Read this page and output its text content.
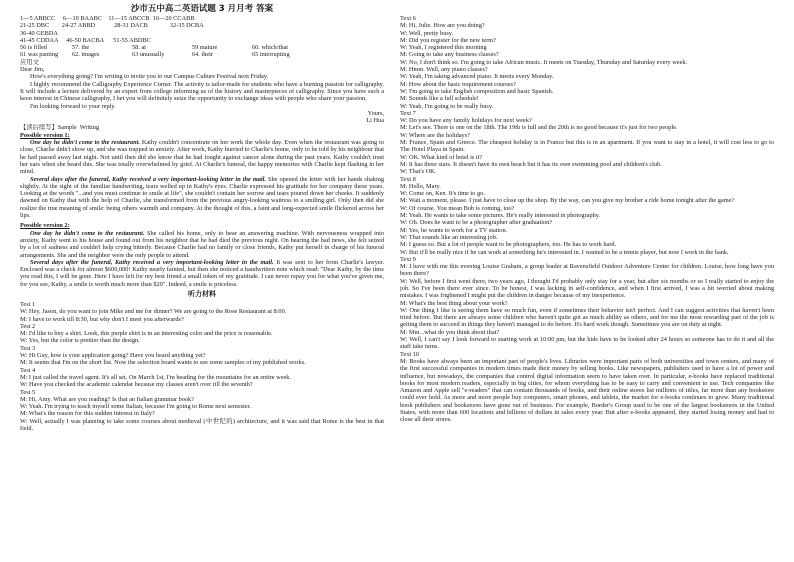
沙市五中高二英语试题 3 月月考 答案
1—5 ABBCC     6—10 BAABC    11—15 ABCCB  16—20 CCABB
21-25 DBC        24-27 ABBD            28-31 DACB              32-35 DCBA
36-40 GEBDA
41-45 CDDAA     46-50 BACBA      51-55 ABDBC
56 is filled	57. the	58. at	59 mature	60. which/that
61 was panting	62. images	63 unusually	64. their	65 interrupting
应用文
Dear Jim,
How's everything going? I'm writing to invite you to our Campus Culture Festival next Friday.
I highly recommend the Calligraphy Experience Corner. The activity is tailor-made for students who have a burning passion for calligraphy. It will include a lecture delivered by an expert from college informing us of the history and masterpieces of calligraphy. Since you have such a keen interest in Chinese calligraphy, I bet you will definitely seize the opportunity to exchange ideas with people who share your passion.
I'm looking forward to your reply.
Yours,
Li Hua
【读后续写】Sample  Writing
Possible version 1:
One day he didn't come to the restaurant. Kathy couldn't concentrate on her work the whole day. Even when the restaurant was going to close, Charlie didn't show up, and she was trapped in anxiety. After work, Kathy hurried to Charlie's home, only to be told by his neighbour that he had passed away last night. Not until then did she know that he had fought against cancer alone during the past years. Kathy couldn't trust her ears when she heard this. She was totally overwhelmed by grief. At Charlie's funeral, the happy memories with Charlie kept flashing in her mind.
Several days after the funeral, Kathy received a very important-looking letter in the mail. She opened the letter with her hands shaking slightly. At the sight of the familiar handwriting, tears welled up in Kathy's eyes. Charlie expressed his gratitude for her company these years. Looking at the words "...and you must continue to smile at life", she couldn't contain her sorrow and tears poured down her cheeks. It suddenly dawned on Kathy that with the help of Charlie, she transformed from the previous angry-looking waitress to a smiling girl. Only then did she realize the true meaning of smile: being others warmth and company. At the thought of this, a faint and long-expected smile flickered across her lips.
Possible version 2:
One day he didn't come to the restaurant. She called his home, only to hear an answering machine. With nervousness wrapped into anxiety, Kathy went to his house and found out from his neighbor that he had died the previous night. On hearing the bad news, she felt seized by a lot of sadness and couldn't help crying bitterly. Because Charlie had no family or close friends, Kathy put herself in charge of his funeral arrangements. She and the neighbor were the only people to attend.
Several days after the funeral, Kathy received a very important-looking letter in the mail. It was sent to her from Charlie's lawyer. Enclosed was a check for almost $600,000! Kathy nearly fainted, but then she noticed a handwritten note which read: "Dear Kathy, by the time you read this, I will be gone. Here I have left for my best friend a small token of my gratitude. I can never repay you for what you've given me, for you see, Kathy, a smile is worth much more than $20". Indeed, a smile is priceless.
听力材料
Test 1
W: Hey, Jason, do you want to join Mike and me for dinner? We are going to the Rose Restaurant at 8:00.
M: I have to work till 8:30, but why don't I meet you afterwards?
Test 2
M: I'd like to buy a shirt. Look, this purple shirt is in an interesting color and the price is reasonable.
W: Yes, but the color is prettier than the design.
Test 3
W: Hi Guy, how is your application going? Have you heard anything yet?
M: It seems that I'm on the short list. Now the selection board wants to see some samples of my published works.
Test 4
M: I just called the travel agent. It's all set. On March 1st, I'm heading for the mountains for an entire week.
W: Have you checked the academic calendar because my classes aren't over till the seventh?
Test 5
M: Hi, Amy. What are you reading? Is that an Italian grammar book?
W: Yeah. I'm trying to teach myself some Italian, because I'm going to Rome next semester.
M: What's the reason for this sudden interest in Italy?
W: Well, actually I was planning to take some courses about medieval (中世纪的) architecture, and it was said that Rome is the best in that field.
Text 6
M: Hi, Julie. How are you doing?
W: Well, pretty busy.
M: Did you register for the new term?
W: Yeah, I registered this morning
M: Going to take any business classes?
W: No, I don't think so. I'm going to take African music. It meets on Tuesday, Thursday and Saturday every week.
M: Hmm. Well, any piano classes?
W: Yeah, I'm taking advanced piano. It meets every Monday.
M: How about the basic requirement courses?
W: I'm going to take English composition and basic Spanish.
M: Sounds like a full schedule!
W: Yeah, I'm going to be really busy.
Text 7
W: Do you have any family holidays for next week?
M: Let's see. There is one on the 18th. The 19th is full and the 20th is no good because it's just for two people.
W: Where are the holidays?
M: France, Spain and Greece. The cheapest holiday is in France but this is in an apartment. If you want to stay in a hotel, it will cost less to go to The Hotel Playa in Spain.
W: OK. What kind of hotel is it?
M: It has three stars. It doesn't have its own beach but it has its own swimming pool and children's club.
W: That's OK.
Text 8
M: Hello, Mary.
W: Come on, Ken. It's time to go.
M: Wait a moment, please. I just have to close up the shop. By the way, can you give my brother a ride home tonight after the game?
W: Of course. You mean Bob is coming, too?
M: Yeah. He wants to take some pictures. He's really interested in photography.
W: Oh. Does he want to be a photographer after graduation?
M: Yes, he wants to work for a TV station.
W: That sounds like an interesting job.
M: I guess so. But a lot of people want to be photographers, too. He has to work hard.
W: But it'll be really nice if he can work at something he's interested in. I wanted to be a tennis player, but now I work in the bank.
Text 9
M: I have with me this evening Louise Graham, a group leader at Ravensfield Outdoor Adventure Center for children. Louise, how long have you been there?
W: Well, before I first went there, two years ago, I thought I'd probably only stay for a year, but after six months or so I really started to enjoy the job. So I've been there ever since. To be honest, I was lacking in self-confidence, and when I first arrived, I was a bit worried about making mistakes. I was frightened I might put the children in danger because of my inexperience.
M: What's the best thing about your work?
W: One thing I like is seeing them have so much fun, even if sometimes their behavior isn't perfect. And I can suggest activities that haven't been tried before. But there are always some children who haven't quite got as much ability as others, and for me the most rewarding part of the job is getting them to succeed in things they haven't managed to do before. It's hard work though. Sometimes you are on duty at night.
M: Mm...what do you think about that?
W: Well, I can't say I look forward to starting work at 10:00 pm, but the kids have to be looked after 24 hours so someone has to do it and all the staff take turns.
Text 10
M: Books have always been an important part of people's lives. Libraries were important parts of both universities and town centers, and many of the first successful companies in modern times made their money by selling books. Like newspapers, publishers used to have a lot of power and influence, but nowadays, the companies that control digital information seem to have taken over. In particular, e-books have replaced traditional books for most modern readers, especially in big cities, for whom everything has to be easy to carry and convenient to use. Tech companies like Amazon and Apple sell "e-readers" that can contain thousands of books, and their online stores list millions of titles, far more than any bookstore could ever hold. As more and more people buy computers, smart phones, and tablets, the market for e-books continues to grow. Many traditional book publishers and bookstores have gone out of business. For example, Border's Group used to be one of the largest bookstores in the United States, with more than 600 locations and billions of dollars in sales every year. But after e-books appeared, they started losing money and had to close all their stores.
